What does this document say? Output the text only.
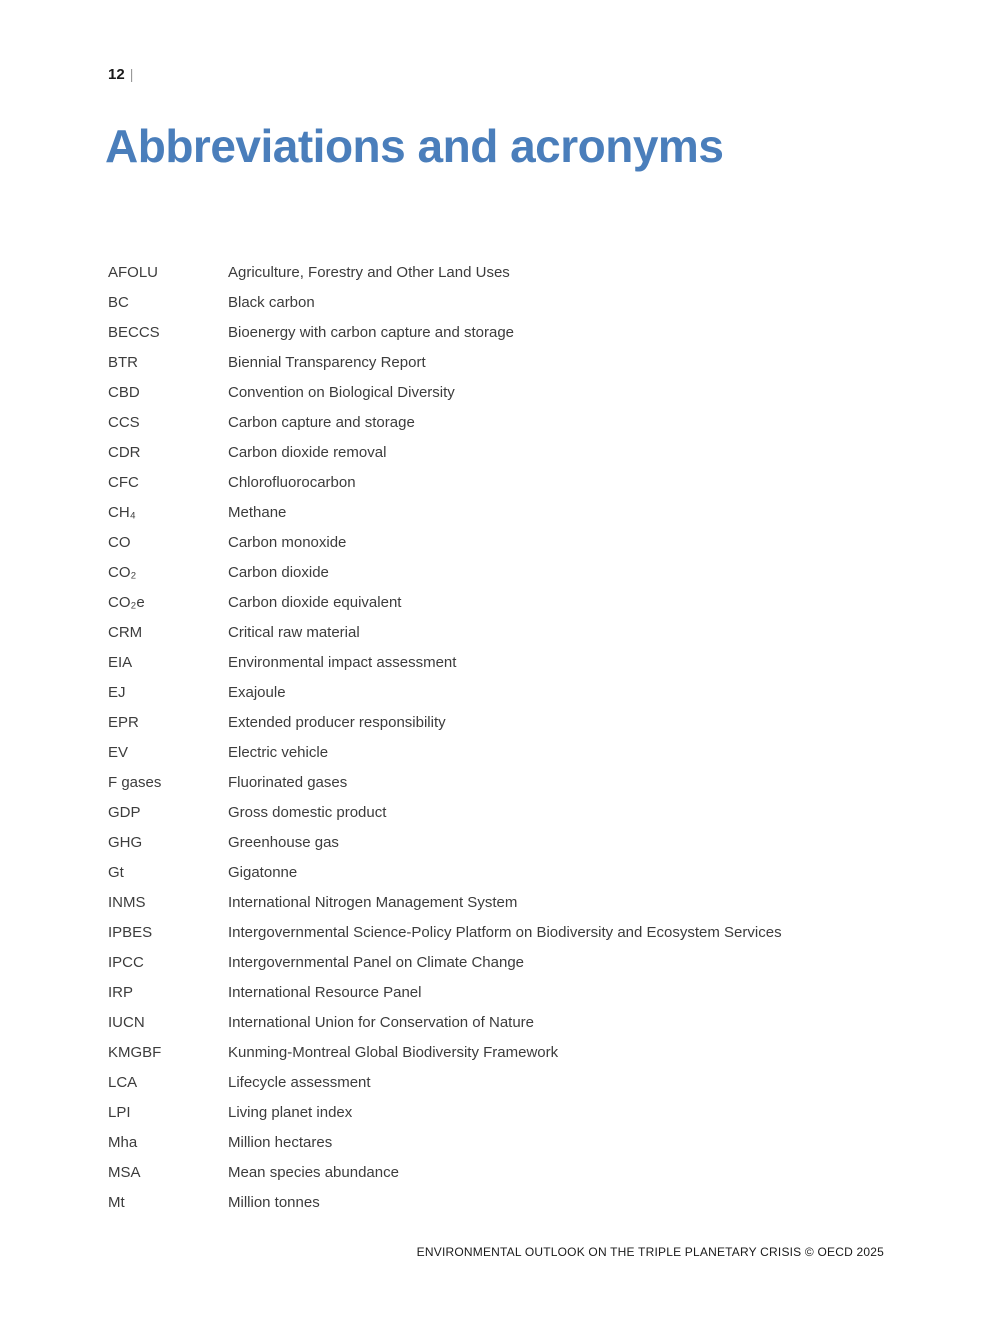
12 |
Abbreviations and acronyms
AFOLU	Agriculture, Forestry and Other Land Uses
BC	Black carbon
BECCS	Bioenergy with carbon capture and storage
BTR	Biennial Transparency Report
CBD	Convention on Biological Diversity
CCS	Carbon capture and storage
CDR	Carbon dioxide removal
CFC	Chlorofluorocarbon
CH₄	Methane
CO	Carbon monoxide
CO₂	Carbon dioxide
CO₂e	Carbon dioxide equivalent
CRM	Critical raw material
EIA	Environmental impact assessment
EJ	Exajoule
EPR	Extended producer responsibility
EV	Electric vehicle
F gases	Fluorinated gases
GDP	Gross domestic product
GHG	Greenhouse gas
Gt	Gigatonne
INMS	International Nitrogen Management System
IPBES	Intergovernmental Science-Policy Platform on Biodiversity and Ecosystem Services
IPCC	Intergovernmental Panel on Climate Change
IRP	International Resource Panel
IUCN	International Union for Conservation of Nature
KMGBF	Kunming-Montreal Global Biodiversity Framework
LCA	Lifecycle assessment
LPI	Living planet index
Mha	Million hectares
MSA	Mean species abundance
Mt	Million tonnes
ENVIRONMENTAL OUTLOOK ON THE TRIPLE PLANETARY CRISIS © OECD 2025
